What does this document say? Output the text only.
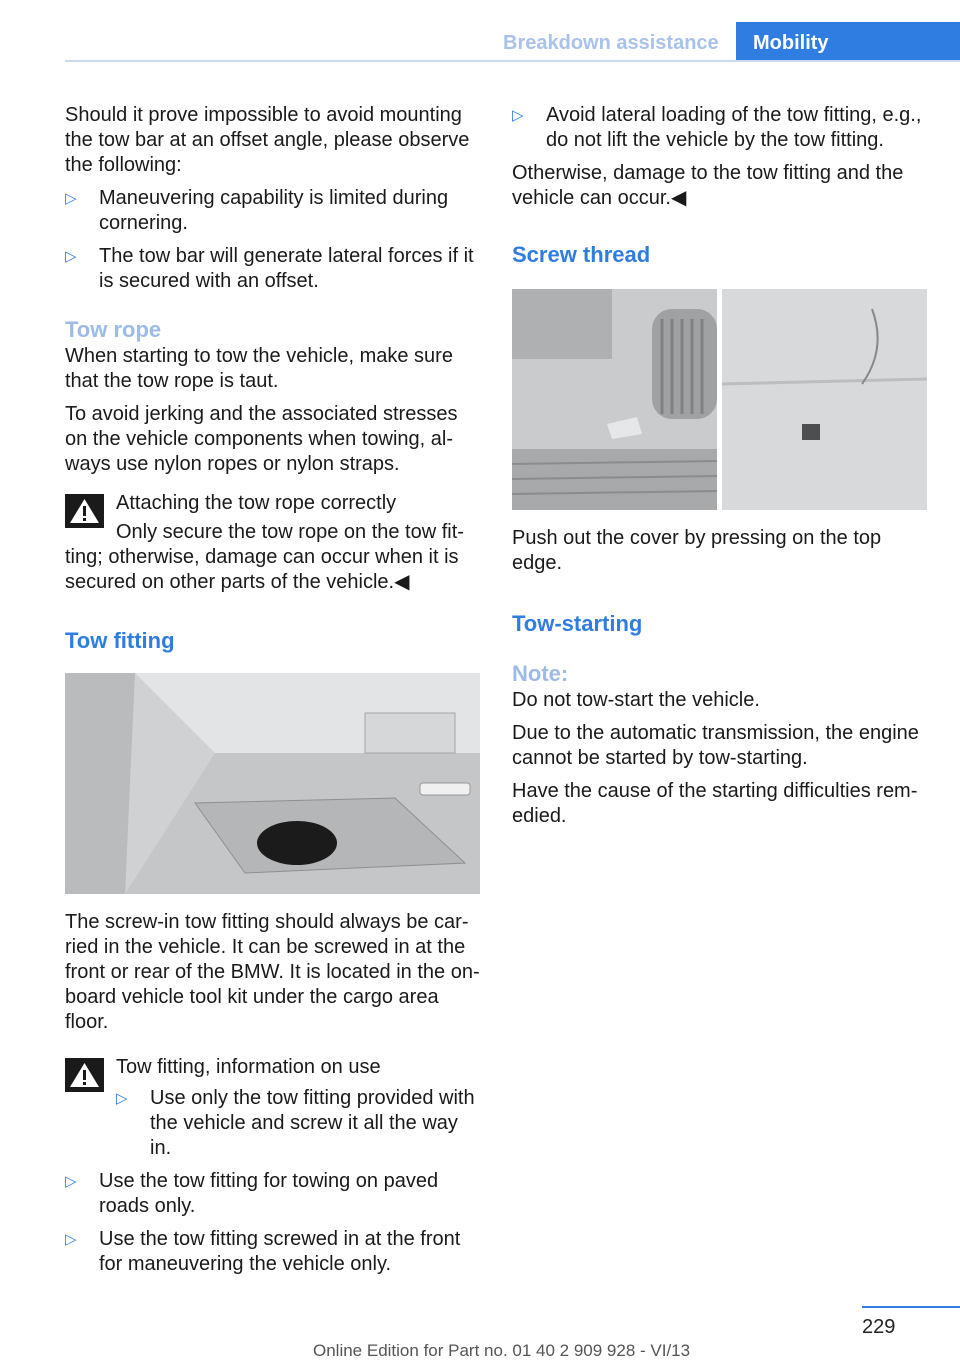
Breakdown assistance Mobility

Should it prove impossible to avoid mounting the tow bar at an offset angle, please observe the following:

▷ Maneuvering capability is limited during cornering.
▷ The tow bar will generate lateral forces if it is secured with an offset.
Tow rope

When starting to tow the vehicle, make sure that the tow rope is taut.

To avoid jerking and the associated stresses on the vehicle components when towing, al‐ ways use nylon ropes or nylon straps.

Attaching the tow rope correctly
Only secure the tow rope on the tow fit‐

ting; otherwise, damage can occur when it is secured on other parts of the vehicle.◀

Tow fitting

The screw-in tow fitting should always be car‐ ried in the vehicle. It can be screwed in at the front or rear of the BMW. It is located in the on‐ board vehicle tool kit under the cargo area floor.

Tow fitting, information on use
▷ Use only the tow fitting provided with the vehicle and screw it all the way in.
▷ Use the tow fitting for towing on paved roads only.
▷ Use the tow fitting screwed in at the front for maneuvering the vehicle only.
▷ Avoid lateral loading of the tow fitting, e.g., do not lift the vehicle by the tow fitting.

Otherwise, damage to the tow fitting and the vehicle can occur.◀

Screw thread

Push out the cover by pressing on the top edge.

Tow-starting
Note:

Do not tow-start the vehicle.

Due to the automatic transmission, the engine cannot be started by tow-starting.

Have the cause of the starting difficulties rem‐ edied.

229
Online Edition for Part no. 01 40 2 909 928 - VI/13
